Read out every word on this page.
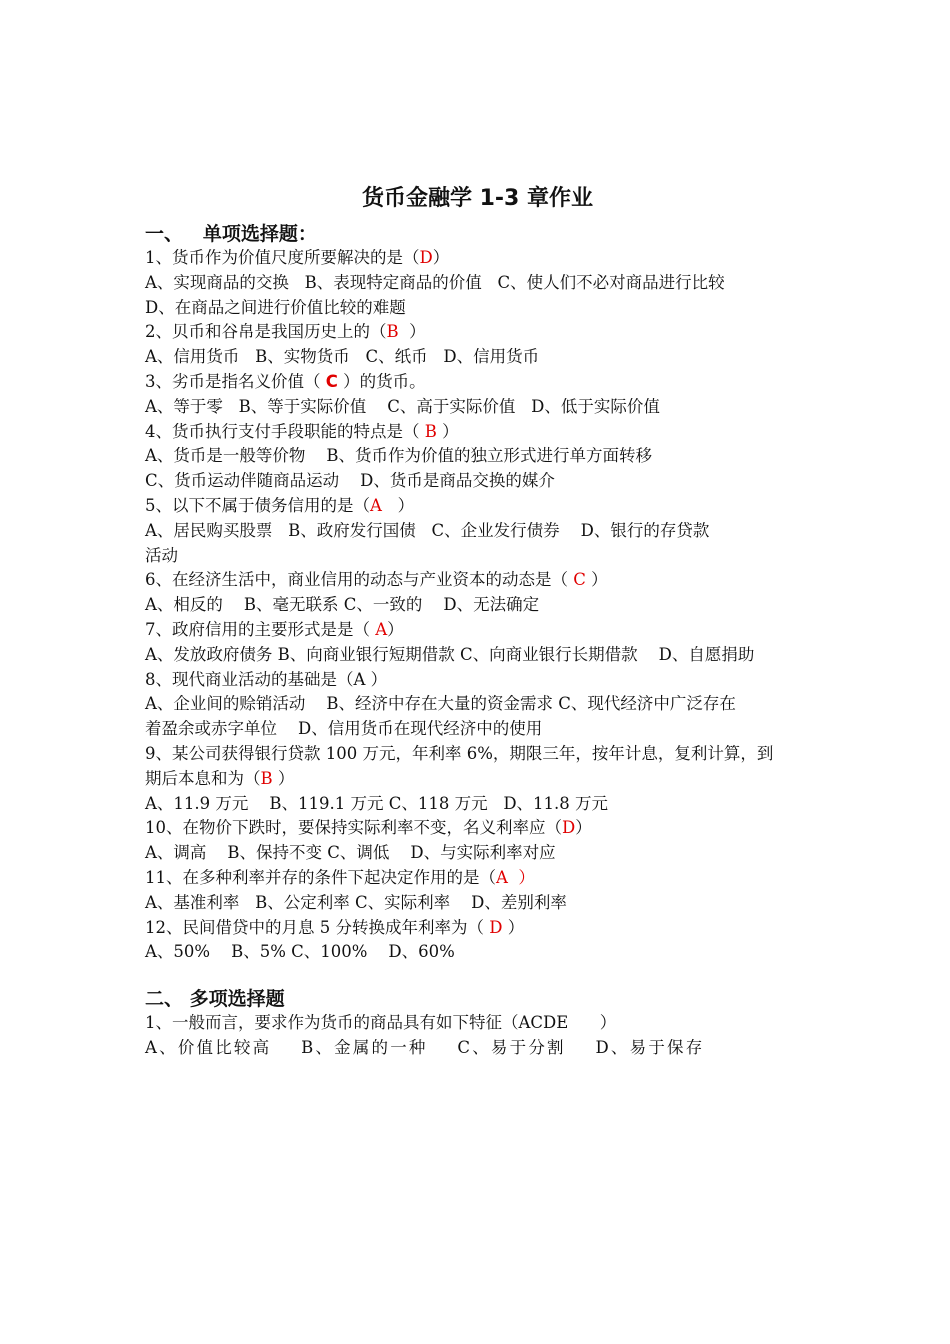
货币金融学 1-3 章作业
一、   单项选择题：
1、货币作为价值尺度所要解决的是（D）
A、实现商品的交换   B、表现特定商品的价值   C、使人们不必对商品进行比较
D、在商品之间进行价值比较的难题
2、贝币和谷帛是我国历史上的（B  ）
A、信用货币   B、实物货币   C、纸币   D、信用货币
3、劣币是指名义价值（ C ）的货币。
A、等于零   B、等于实际价值    C、高于实际价值   D、低于实际价值
4、货币执行支付手段职能的特点是（ B ）
A、货币是一般等价物    B、货币作为价值的独立形式进行单方面转移
C、货币运动伴随商品运动    D、货币是商品交换的媒介
5、以下不属于债务信用的是（A   ）
A、居民购买股票   B、政府发行国债   C、企业发行债券    D、银行的存贷款
活动
6、在经济生活中，商业信用的动态与产业资本的动态是（ C ）
A、相反的    B、毫无联系 C、一致的    D、无法确定
7、政府信用的主要形式是是（ A）
A、发放政府债务 B、向商业银行短期借款 C、向商业银行长期借款    D、自愿捐助
8、现代商业活动的基础是（A ）
A、企业间的赊销活动    B、经济中存在大量的资金需求 C、现代经济中广泛存在
着盈余或赤字单位    D、信用货币在现代经济中的使用
9、某公司获得银行贷款 100 万元，年利率 6%，期限三年，按年计息，复利计算，到
期后本息和为（B ）
A、11.9 万元    B、119.1 万元 C、118 万元   D、11.8 万元
10、在物价下跌时，要保持实际利率不变，名义利率应（D）
A、调高    B、保持不变 C、调低    D、与实际利率对应
11、在多种利率并存的条件下起决定作用的是（A  ）
A、基准利率   B、公定利率 C、实际利率    D、差别利率
12、民间借贷中的月息 5 分转换成年利率为（ D ）
A、50%    B、5% C、100%    D、60%
二、 多项选择题
1、一般而言，要求作为货币的商品具有如下特征（ACDE      ）
A、价值比较高    B、金属的一种    C、易于分割    D、易于保存
